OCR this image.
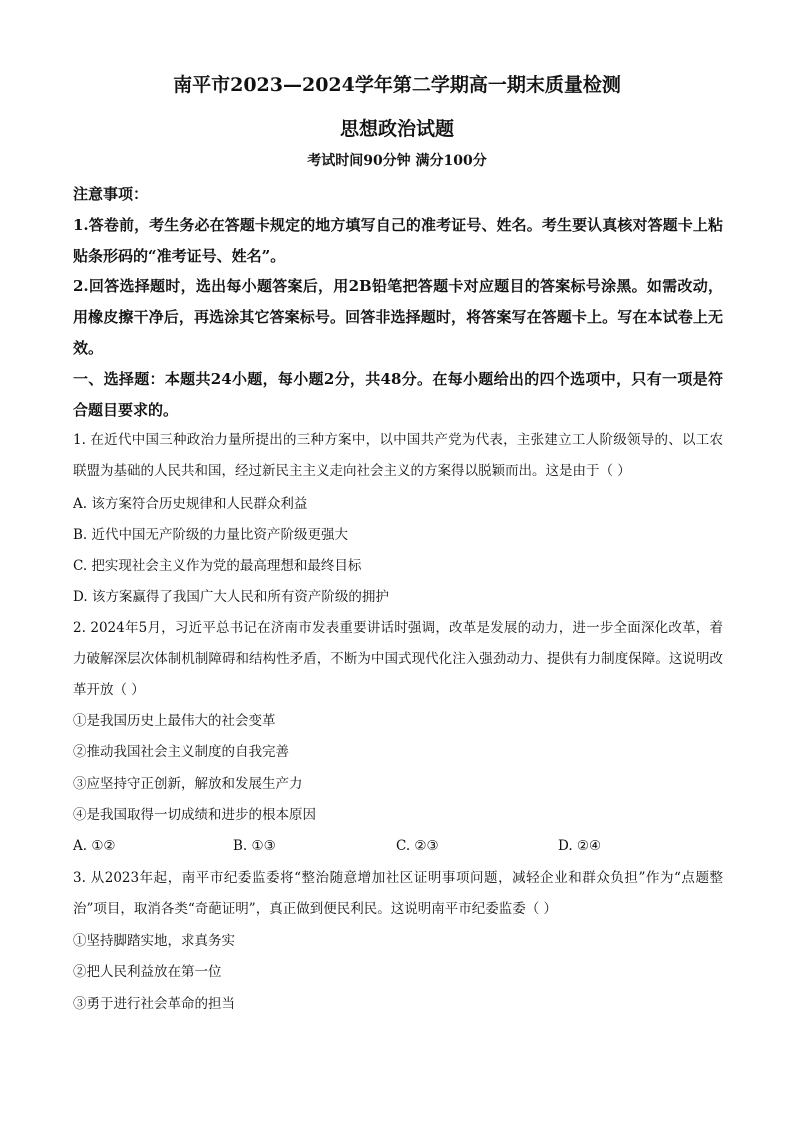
南平市2023—2024学年第二学期高一期末质量检测
思想政治试题
考试时间90分钟 满分100分
注意事项：
1.答卷前，考生务必在答题卡规定的地方填写自己的准考证号、姓名。考生要认真核对答题卡上粘贴条形码的“准考证号、姓名”。
2.回答选择题时，选出每小题答案后，用2B铅笔把答题卡对应题目的答案标号涂黑。如需改动，用橡皮擦干净后，再选涂其它答案标号。回答非选择题时，将答案写在答题卡上。写在本试卷上无效。
一、选择题：本题共24小题，每小题2分，共48分。在每小题给出的四个选项中，只有一项是符合题目要求的。
1. 在近代中国三种政治力量所提出的三种方案中，以中国共产党为代表，主张建立工人阶级领导的、以工农联盟为基础的人民共和国，经过新民主主义走向社会主义的方案得以脱颖而出。这是由于（ ）
A. 该方案符合历史规律和人民群众利益
B. 近代中国无产阶级的力量比资产阶级更强大
C. 把实现社会主义作为党的最高理想和最终目标
D. 该方案赢得了我国广大人民和所有资产阶级的拥护
2. 2024年5月，习近平总书记在济南市发表重要讲话时强调，改革是发展的动力，进一步全面深化改革，着力破解深层次体制机制障碍和结构性矛盾，不断为中国式现代化注入强劲动力、提供有力制度保障。这说明改革开放（ ）
①是我国历史上最伟大的社会变革
②推动我国社会主义制度的自我完善
③应坚持守正创新，解放和发展生产力
④是我国取得一切成绩和进步的根本原因
A. ①②	B. ①③	C. ②③	D. ②④
3. 从2023年起，南平市纪委监委将“整治随意增加社区证明事项问题，减轻企业和群众负担”作为“点题整治”项目，取消各类“奇葩证明”，真正做到便民利民。这说明南平市纪委监委（ ）
①坚持脚踏实地，求真务实
②把人民利益放在第一位
③勇于进行社会革命的担当
